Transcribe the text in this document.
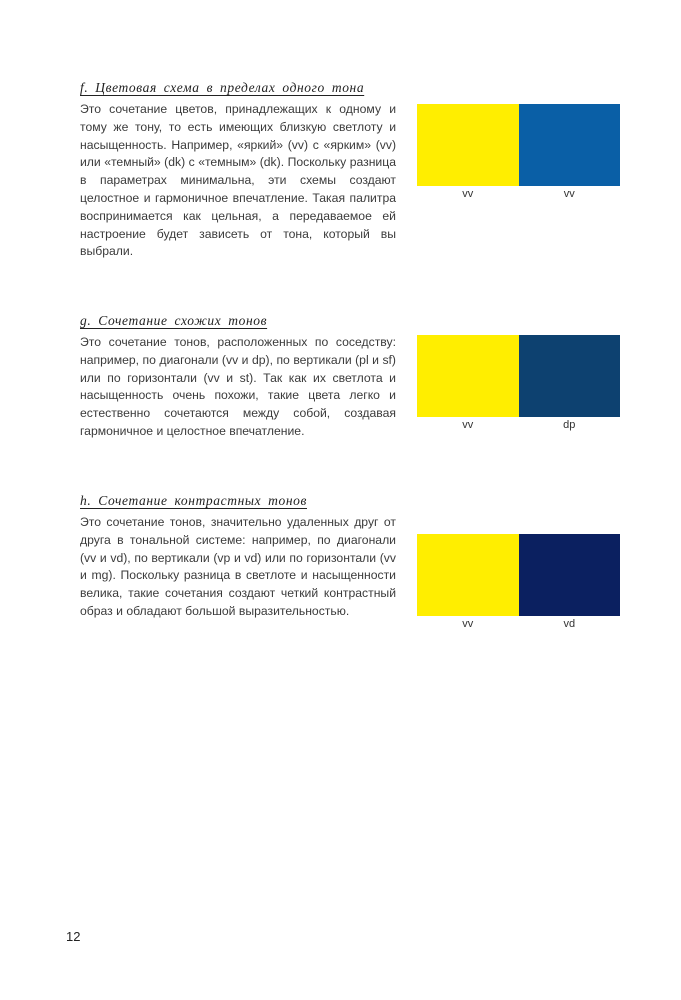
f. Цветовая схема в пределах одного тона

Это сочетание цветов, принадлежащих к одному и тому же тону, то есть имеющих близкую светлоту и насыщенность. Например, «яркий» (vv) с «ярким» (vv) или «темный» (dk) с «темным» (dk). Поскольку разница в параметрах минимальна, эти схемы создают целостное и гармоничное впечатление. Такая палитра воспринимается как цельная, а передаваемое ей настроение будет зависеть от тона, который вы выбрали.

vv	vv
g. Сочетание схожих тонов

Это сочетание тонов, расположенных по соседству: например, по диагонали (vv и dp), по вертикали (pl и sf) или по горизонтали (vv и st). Так как их светлота и насыщенность очень похожи, такие цвета легко и естественно сочетаются между собой, создавая гармоничное и целостное впечатление.	vv	dp
h. Сочетание контрастных тонов

Это сочетание тонов, значительно удаленных друг от друга в тональной системе: например, по диагонали (vv и vd), по вертикали (vp и vd) или по горизонтали (vv и mg). Поскольку разница в светлоте и насыщенности велика, такие сочетания создают четкий контрастный образ и обладают большой выразительностью.

vv	vd
12
